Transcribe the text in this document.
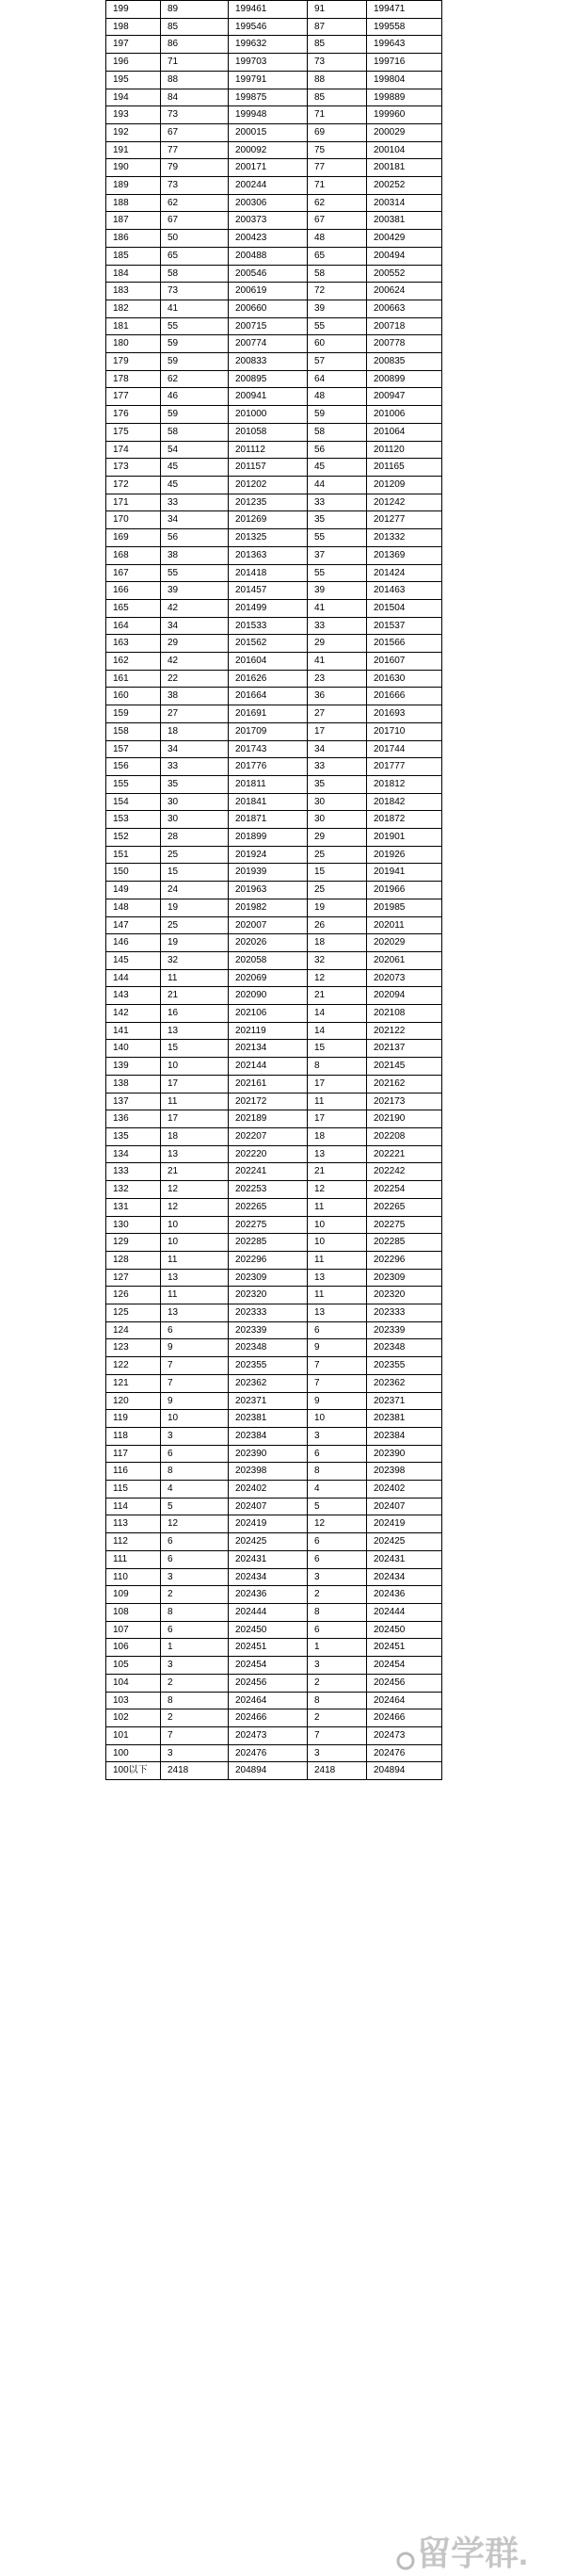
199	89	199461	91	199471
198	85	199546	87	199558
197	86	199632	85	199643
196	71	199703	73	199716
195	88	199791	88	199804
194	84	199875	85	199889
193	73	199948	71	199960
192	67	200015	69	200029
191	77	200092	75	200104
190	79	200171	77	200181
189	73	200244	71	200252
188	62	200306	62	200314
187	67	200373	67	200381
186	50	200423	48	200429
185	65	200488	65	200494
184	58	200546	58	200552
183	73	200619	72	200624
182	41	200660	39	200663
181	55	200715	55	200718
180	59	200774	60	200778
179	59	200833	57	200835
178	62	200895	64	200899
177	46	200941	48	200947
176	59	201000	59	201006
175	58	201058	58	201064
174	54	201112	56	201120
173	45	201157	45	201165
172	45	201202	44	201209
171	33	201235	33	201242
170	34	201269	35	201277
169	56	201325	55	201332
168	38	201363	37	201369
167	55	201418	55	201424
166	39	201457	39	201463
165	42	201499	41	201504
164	34	201533	33	201537
163	29	201562	29	201566
162	42	201604	41	201607
161	22	201626	23	201630
160	38	201664	36	201666
159	27	201691	27	201693
158	18	201709	17	201710
157	34	201743	34	201744
156	33	201776	33	201777
155	35	201811	35	201812
154	30	201841	30	201842
153	30	201871	30	201872
152	28	201899	29	201901
151	25	201924	25	201926
150	15	201939	15	201941
149	24	201963	25	201966
148	19	201982	19	201985
147	25	202007	26	202011
146	19	202026	18	202029
145	32	202058	32	202061
144	11	202069	12	202073
143	21	202090	21	202094
142	16	202106	14	202108
141	13	202119	14	202122
140	15	202134	15	202137
139	10	202144	8	202145
138	17	202161	17	202162
137	11	202172	11	202173
136	17	202189	17	202190
135	18	202207	18	202208
134	13	202220	13	202221
133	21	202241	21	202242
132	12	202253	12	202254
131	12	202265	11	202265
130	10	202275	10	202275
129	10	202285	10	202285
128	11	202296	11	202296
127	13	202309	13	202309
126	11	202320	11	202320
125	13	202333	13	202333
124	6	202339	6	202339
123	9	202348	9	202348
122	7	202355	7	202355
121	7	202362	7	202362
120	9	202371	9	202371
119	10	202381	10	202381
118	3	202384	3	202384
117	6	202390	6	202390
116	8	202398	8	202398
115	4	202402	4	202402
114	5	202407	5	202407
113	12	202419	12	202419
112	6	202425	6	202425
111	6	202431	6	202431
110	3	202434	3	202434
109	2	202436	2	202436
108	8	202444	8	202444
107	6	202450	6	202450
106	1	202451	1	202451
105	3	202454	3	202454
104	2	202456	2	202456
103	8	202464	8	202464
102	2	202466	2	202466
101	7	202473	7	202473
100	3	202476	3	202476
100以下	2418	204894	2418	204894
留学群.
